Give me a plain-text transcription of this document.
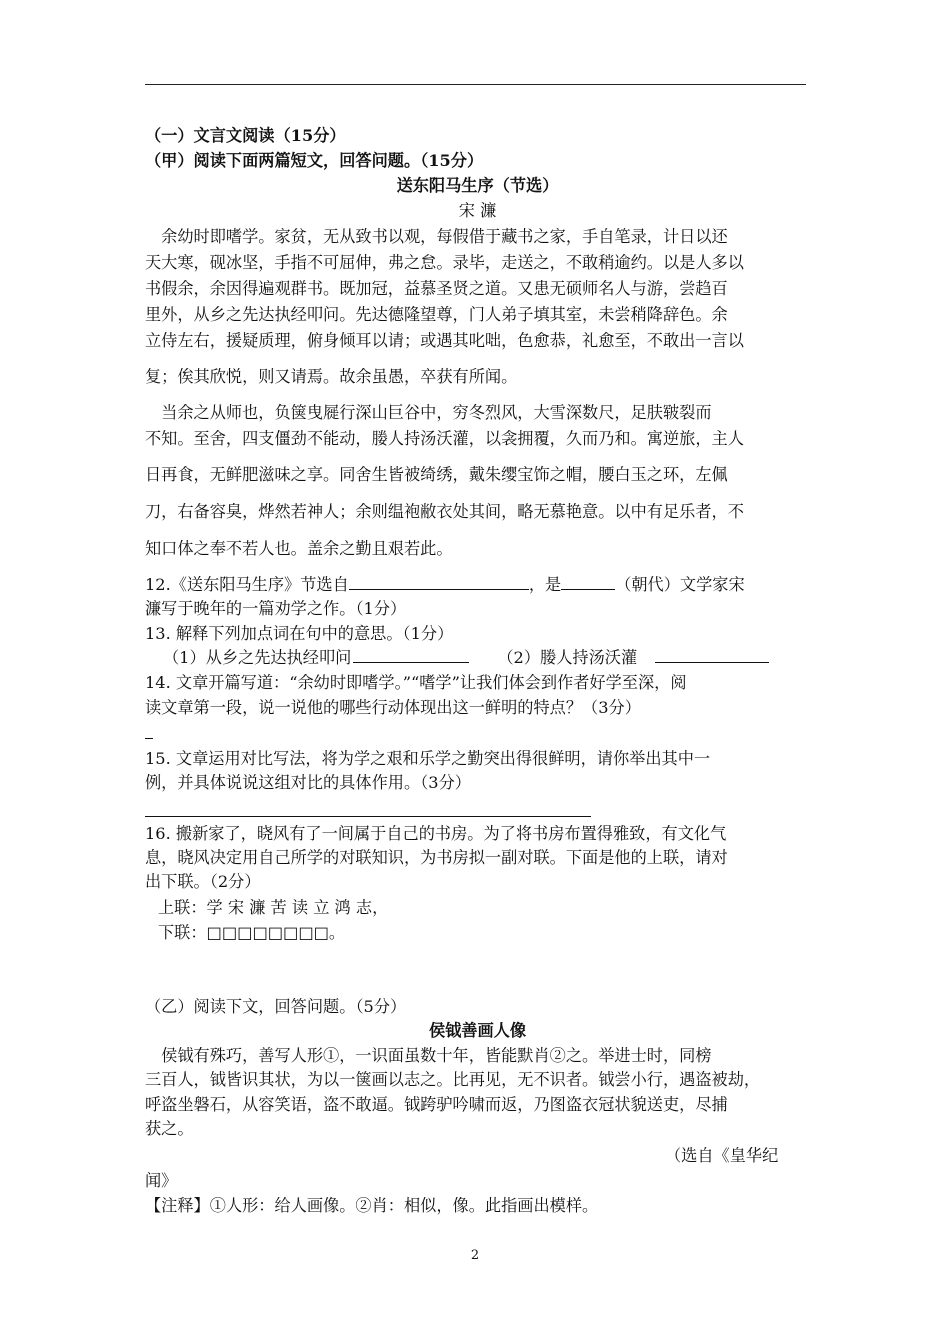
（一）文言文阅读（15分）
（甲）阅读下面两篇短文，回答问题。（15分）
送东阳马生序（节选）
宋 濂
　余幼时即嗜学。家贫，无从致书以观，每假借于藏书之家，手自笔录，计日以还
天大寒，砚冰坚，手指不可屈伸，弗之怠。录毕，走送之，不敢稍逾约。以是人多以
书假余，余因得遍观群书。既加冠，益慕圣贤之道。又患无硕师名人与游，尝趋百
里外，从乡之先达执经叩问。先达德隆望尊，门人弟子填其室，未尝稍降辞色。余
立侍左右，援疑质理，俯身倾耳以请；或遇其叱咄，色愈恭，礼愈至，不敢出一言以
复；俟其欣悦，则又请焉。故余虽愚，卒获有所闻。
　当余之从师也，负箧曳屣行深山巨谷中，穷冬烈风，大雪深数尺，足肤皲裂而
不知。至舍，四支僵劲不能动，媵人持汤沃灌，以衾拥覆，久而乃和。寓逆旅，主人
日再食，无鲜肥滋味之享。同舍生皆被绮绣，戴朱缨宝饰之帽，腰白玉之环，左佩
刀，右备容臭，烨然若神人；余则缊袍敝衣处其间，略无慕艳意。以中有足乐者，不
知口体之奉不若人也。盖余之勤且艰若此。
12.《送东阳马生序》节选自	，是	（朝代）文学家宋
濂写于晚年的一篇劝学之作。（1分）
13. 解释下列加点词在句中的意思。（1分）
（1）从乡之先达执经叩问	（2）媵人持汤沃灌
14. 文章开篇写道：“余幼时即嗜学。”“嗜学”让我们体会到作者好学至深，阅
读文章第一段，说一说他的哪些行动体现出这一鲜明的特点？（3分）
15. 文章运用对比写法，将为学之艰和乐学之勤突出得很鲜明，请你举出其中一
例，并具体说说这组对比的具体作用。（3分）
16. 搬新家了，晓风有了一间属于自己的书房。为了将书房布置得雅致，有文化气
息，晓风决定用自己所学的对联知识，为书房拟一副对联。下面是他的上联，请对
出下联。（2分）
上联：学 宋 濂 苦 读 立 鸿 志，
下联：□□□□□□□□。
（乙）阅读下文，回答问题。（5分）
侯钺善画人像
　侯钺有殊巧，善写人形①，一识面虽数十年，皆能默肖②之。举进士时，同榜
三百人，钺皆识其状，为以一箧画以志之。比再见，无不识者。钺尝小行，遇盗被劫，
呼盗坐磐石，从容笑语，盗不敢逼。钺跨驴吟啸而返，乃图盗衣冠状貌送吏，尽捕
获之。
（选自《皇华纪
闻》
【注释】①人形：给人画像。②肖：相似，像。此指画出模样。
2
